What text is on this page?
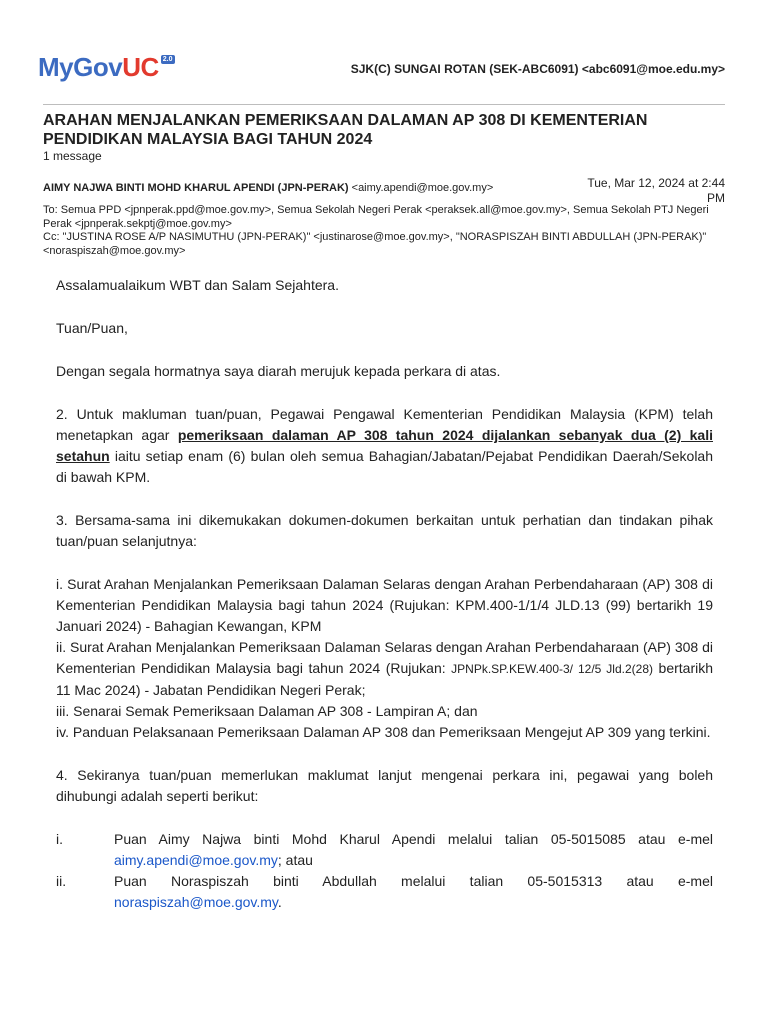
MyGovUC 2.0
SJK(C) SUNGAI ROTAN (SEK-ABC6091) <abc6091@moe.edu.my>
ARAHAN MENJALANKAN PEMERIKSAAN DALAMAN AP 308 DI KEMENTERIAN PENDIDIKAN MALAYSIA BAGI TAHUN 2024
1 message
AIMY NAJWA BINTI MOHD KHARUL APENDI (JPN-PERAK) <aimy.apendi@moe.gov.my>	Tue, Mar 12, 2024 at 2:44 PM
To: Semua PPD <jpnperak.ppd@moe.gov.my>, Semua Sekolah Negeri Perak <peraksek.all@moe.gov.my>, Semua Sekolah PTJ Negeri Perak <jpnperak.sekptj@moe.gov.my>
Cc: "JUSTINA ROSE A/P NASIMUTHU (JPN-PERAK)" <justinarose@moe.gov.my>, "NORASPISZAH BINTI ABDULLAH (JPN-PERAK)" <noraspiszah@moe.gov.my>

Assalamualaikum WBT dan Salam Sejahtera.

Tuan/Puan,

Dengan segala hormatnya saya diarah merujuk kepada perkara di atas.

2. Untuk makluman tuan/puan, Pegawai Pengawal Kementerian Pendidikan Malaysia (KPM) telah menetapkan agar pemeriksaan dalaman AP 308 tahun 2024 dijalankan sebanyak dua (2) kali setahun iaitu setiap enam (6) bulan oleh semua Bahagian/Jabatan/Pejabat Pendidikan Daerah/Sekolah di bawah KPM.

3. Bersama-sama ini dikemukakan dokumen-dokumen berkaitan untuk perhatian dan tindakan pihak tuan/puan selanjutnya:

i. Surat Arahan Menjalankan Pemeriksaan Dalaman Selaras dengan Arahan Perbendaharaan (AP) 308 di Kementerian Pendidikan Malaysia bagi tahun 2024 (Rujukan: KPM.400-1/1/4 JLD.13 (99) bertarikh 19 Januari 2024) - Bahagian Kewangan, KPM

ii. Surat Arahan Menjalankan Pemeriksaan Dalaman Selaras dengan Arahan Perbendaharaan (AP) 308 di Kementerian Pendidikan Malaysia bagi tahun 2024 (Rujukan: JPNPk.SP.KEW.400-3/ 12/5 Jld.2(28) bertarikh 11 Mac 2024) - Jabatan Pendidikan Negeri Perak;

iii. Senarai Semak Pemeriksaan Dalaman AP 308 - Lampiran A; dan

iv. Panduan Pelaksanaan Pemeriksaan Dalaman AP 308 dan Pemeriksaan Mengejut AP 309 yang terkini.

4. Sekiranya tuan/puan memerlukan maklumat lanjut mengenai perkara ini, pegawai yang boleh dihubungi adalah seperti berikut:

i.	Puan Aimy Najwa binti Mohd Kharul Apendi melalui talian 05-5015085 atau e-mel aimy.apendi@moe.gov.my; atau

ii.	Puan Noraspiszah binti Abdullah melalui talian 05-5015313 atau e-mel noraspiszah@moe.gov.my.
